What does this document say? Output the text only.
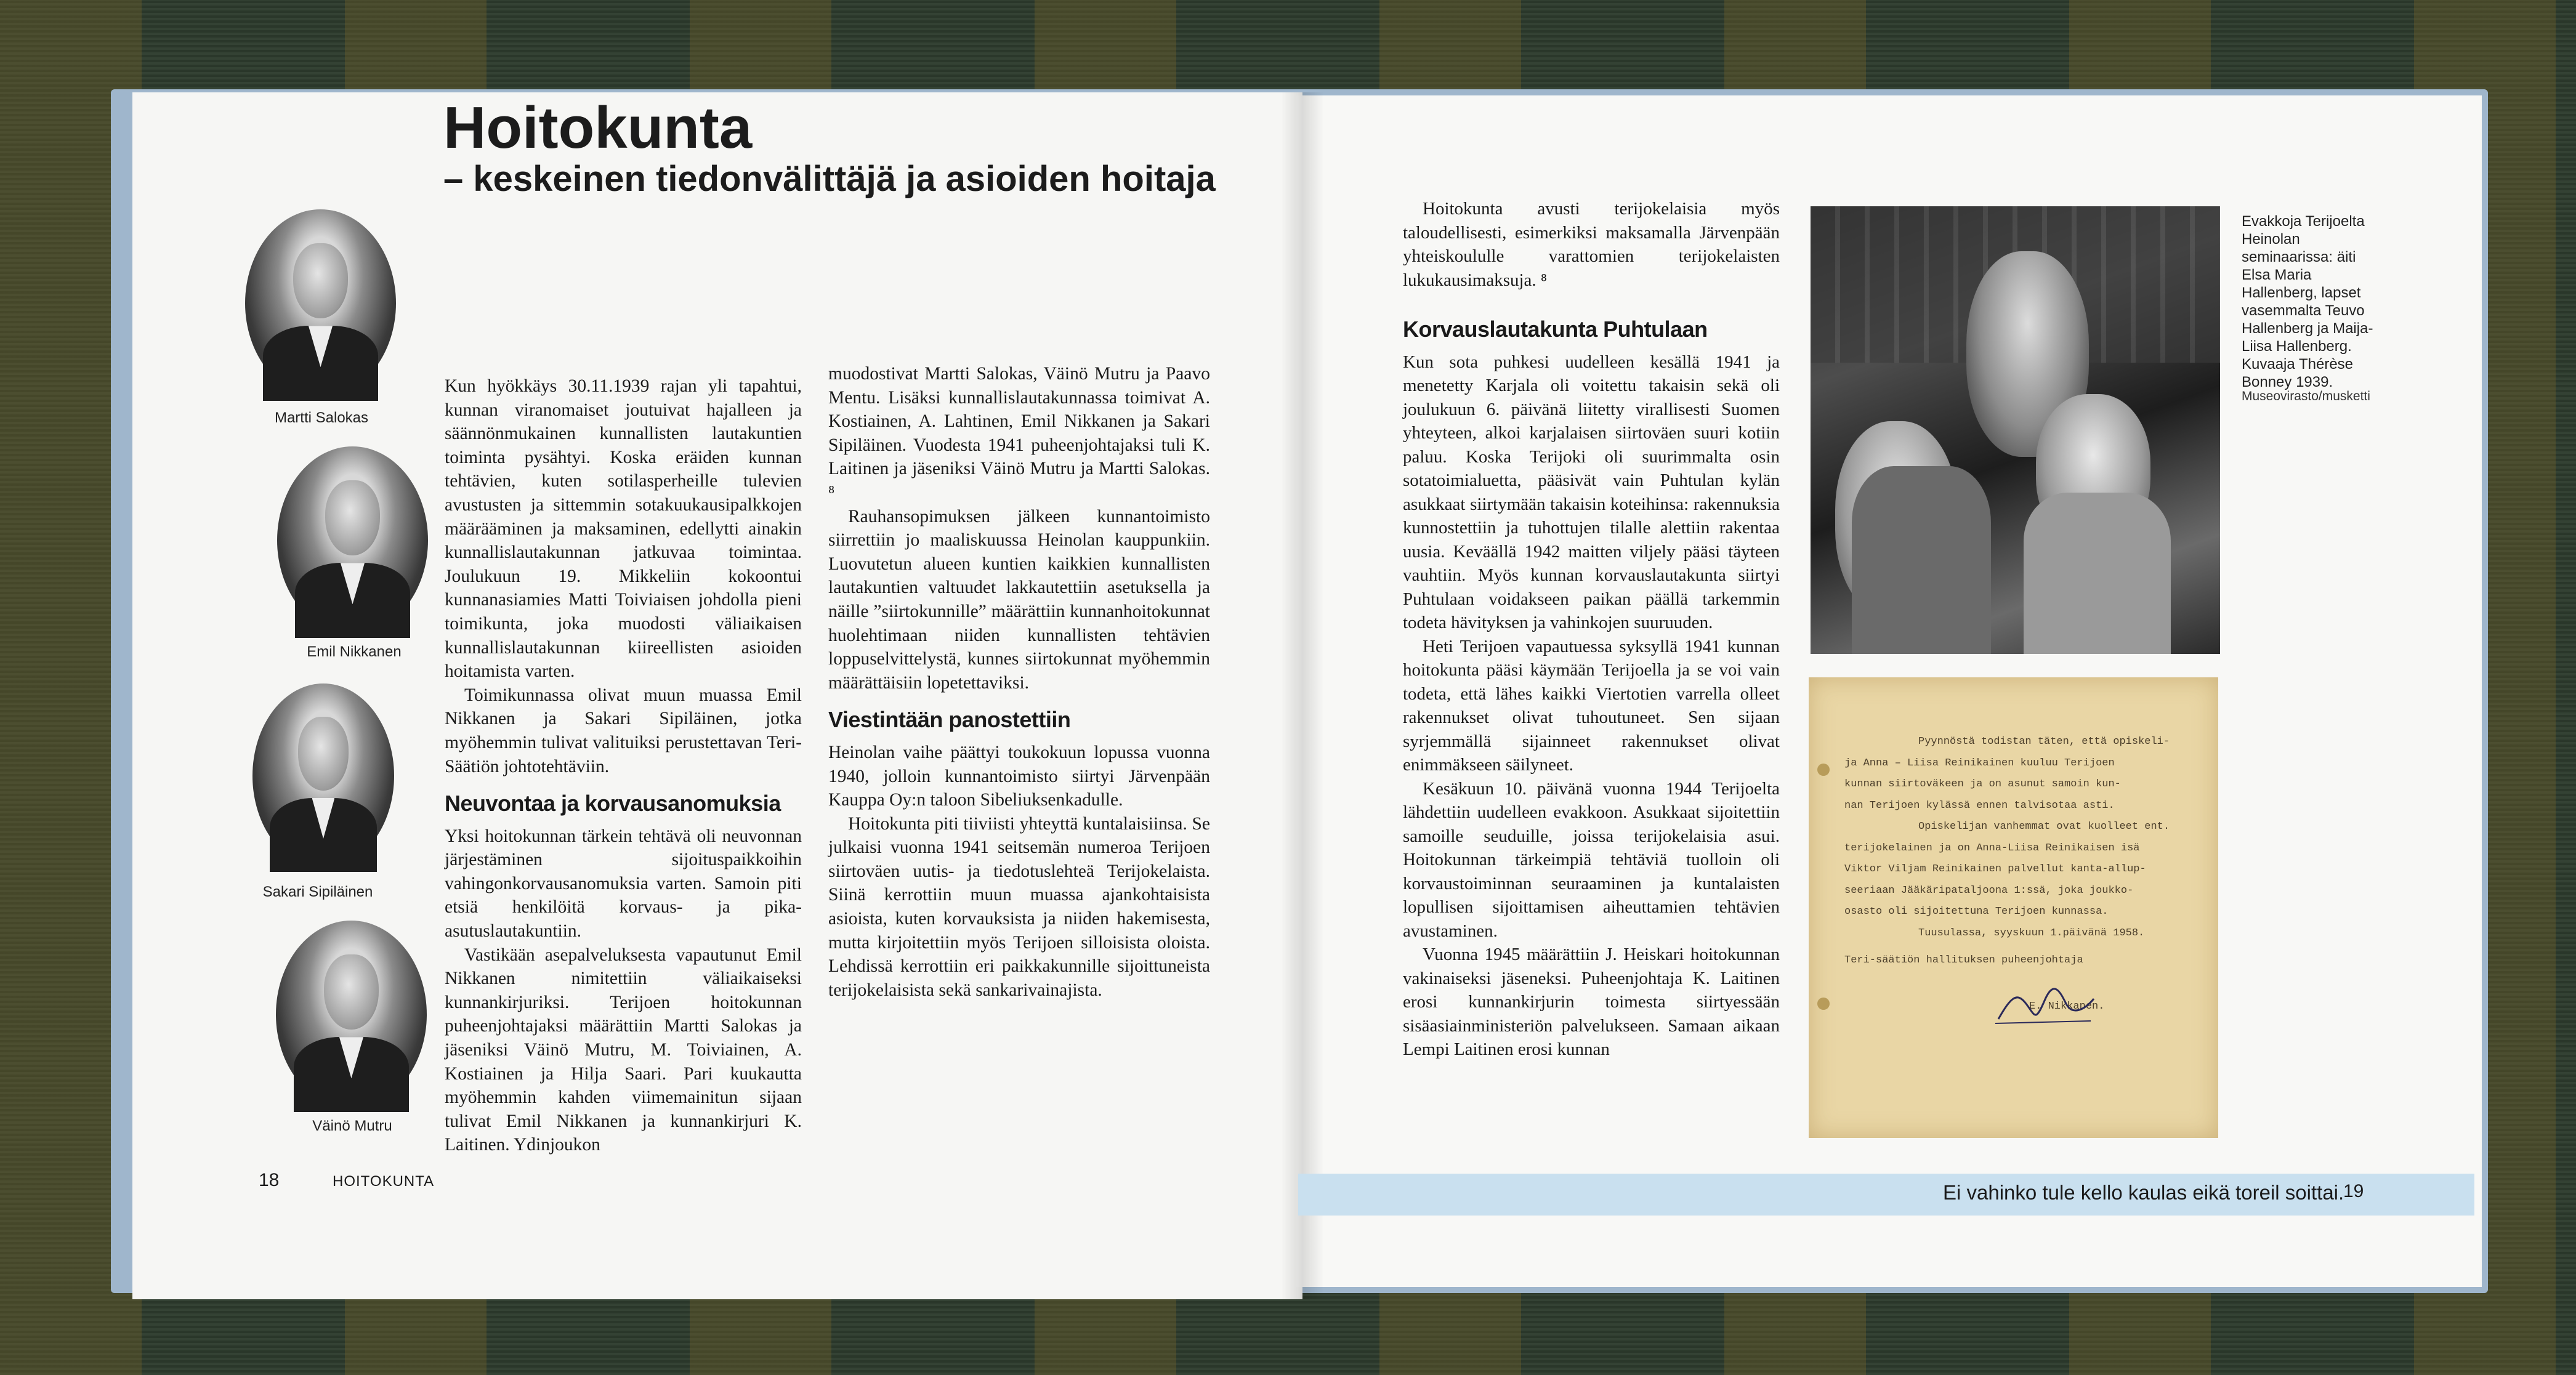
Martti Salokas
Emil Nikkanen
Sakari Sipiläinen
Väinö Mutru
Hoitokunta
– keskeinen tiedonvälittäjä ja asioiden hoitaja

Kun hyökkäys 30.11.1939 rajan yli tapahtui, kunnan viranomaiset joutuivat hajalleen ja säännönmukainen kunnallisten lautakuntien toiminta pysähtyi. Koska eräiden kunnan tehtävien, kuten sotilasperheille tulevien avustusten ja sittemmin sotakuukausipalkkojen määrääminen ja maksaminen, edellytti ainakin kunnallislautakunnan jatkuvaa toimintaa. Joulukuun 19. Mikkeliin kokoontui kunnanasiamies Matti Toiviaisen johdolla pieni toimikunta, joka muodosti väliaikaisen kunnallislautakunnan kiireellisten asioiden hoitamista varten.

Toimikunnassa olivat muun muassa Emil Nikkanen ja Sakari Sipiläinen, jotka myöhemmin tulivat valituiksi perustettavan Teri-Säätiön johtotehtäviin.

Neuvontaa ja korvausanomuksia

Yksi hoitokunnan tärkein tehtävä oli neuvonnan järjestäminen sijoituspaikkoihin vahingonkorvausanomuksia varten. Samoin piti etsiä henkilöitä korvaus- ja pika-asutuslautakuntiin.

Vastikään asepalveluksesta vapautunut Emil Nikkanen nimitettiin väliaikaiseksi kunnankirjuriksi. Terijoen hoitokunnan puheenjohtajaksi määrättiin Martti Salokas ja jäseniksi Väinö Mutru, M. Toiviainen, A. Kostiainen ja Hilja Saari. Pari kuukautta myöhemmin kahden viimemainitun sijaan tulivat Emil Nikkanen ja kunnankirjuri K. Laitinen. Ydinjoukon

muodostivat Martti Salokas, Väinö Mutru ja Paavo Mentu. Lisäksi kunnallislautakunnassa toimivat A. Kostiainen, A. Lahtinen, Emil Nikkanen ja Sakari Sipiläinen. Vuodesta 1941 puheenjohtajaksi tuli K. Laitinen ja jäseniksi Väinö Mutru ja Martti Salokas. ⁸

Rauhansopimuksen jälkeen kunnantoimisto siirrettiin jo maaliskuussa Heinolan kauppunkiin. Luovutetun alueen kuntien kaikkien kunnallisten lautakuntien valtuudet lakkautettiin asetuksella ja näille ”siirtokunnille” määrättiin kunnanhoitokunnat huolehtimaan niiden kunnallisten tehtävien loppuselvittelystä, kunnes siirtokunnat myöhemmin määrättäisiin lopetettaviksi.

Viestintään panostettiin

Heinolan vaihe päättyi toukokuun lopussa vuonna 1940, jolloin kunnantoimisto siirtyi Järvenpään Kauppa Oy:n taloon Sibeliuksenkadulle.

Hoitokunta piti tiiviisti yhteyttä kuntalaisiinsa. Se julkaisi vuonna 1941 seitsemän numeroa Terijoen siirtoväen uutis- ja tiedotuslehteä Terijokelaista. Siinä kerrottiin muun muassa ajankohtaisista asioista, kuten korvauksista ja niiden hakemisesta, mutta kirjoitettiin myös Terijoen silloisista oloista. Lehdissä kerrottiin eri paikkakunnille sijoittuneista terijokelaisista sekä sankarivainajista.

18	HOITOKUNTA

Hoitokunta avusti terijokelaisia myös taloudellisesti, esimerkiksi maksamalla Järvenpään yhteiskoululle varattomien terijokelaisten lukukausimaksuja. ⁸

Korvauslautakunta Puhtulaan

Kun sota puhkesi uudelleen kesällä 1941 ja menetetty Karjala oli voitettu takaisin sekä oli joulukuun 6. päivänä liitetty virallisesti Suomen yhteyteen, alkoi karjalaisen siirtoväen suuri kotiin paluu. Koska Terijoki oli suurimmalta osin sotatoimialuetta, pääsivät vain Puhtulan kylän asukkaat siirtymään takaisin koteihinsa: rakennuksia kunnostettiin ja tuhottujen tilalle alettiin rakentaa uusia. Keväällä 1942 maitten viljely pääsi täyteen vauhtiin. Myös kunnan korvauslautakunta siirtyi Puhtulaan voidakseen paikan päällä tarkemmin todeta hävityksen ja vahinkojen suuruuden.

Heti Terijoen vapautuessa syksyllä 1941 kunnan hoitokunta pääsi käymään Terijoella ja se voi vain todeta, että lähes kaikki Viertotien varrella olleet rakennukset olivat tuhoutuneet. Sen sijaan syrjemmällä sijainneet rakennukset olivat enimmäkseen säilyneet.

Kesäkuun 10. päivänä vuonna 1944 Terijoelta lähdettiin uudelleen evakkoon. Asukkaat sijoitettiin samoille seuduille, joissa terijokelaisia asui. Hoitokunnan tärkeimpiä tehtäviä tuolloin oli korvaustoiminnan seuraaminen ja kuntalaisten lopullisen sijoittamisen aiheuttamien tehtävien avustaminen.

Vuonna 1945 määrättiin J. Heiskari hoitokunnan vakinaiseksi jäseneksi. Puheenjohtaja K. Laitinen erosi kunnankirjurin toimesta siirtyessään sisäasiainministeriön palvelukseen. Samaan aikaan Lempi Laitinen erosi kunnan

Evakkoja Terijoelta Heinolan seminaarissa: äiti Elsa Maria Hallenberg, lapset vasemmalta Teuvo Hallenberg ja Maija-Liisa Hallenberg. Kuvaaja Thérèse Bonney 1939.
Museovirasto/musketti
Pyynnöstä todistan täten, että opiskeli-
ja Anna – Liisa Reinikainen kuuluu Terijoen
kunnan siirtoväkeen ja on asunut samoin kun-
nan Terijoen kylässä ennen talvisotaa asti.
Opiskelijan vanhemmat ovat kuolleet ent.
terijokelainen ja on Anna-Liisa Reinikaisen isä
Viktor Viljam Reinikainen palvellut kanta-allup-
seeriaan Jääkäripataljoona 1:ssä, joka joukko-
osasto oli sijoitettuna Terijoen kunnassa.
Tuusulassa, syyskuun 1.päivänä 1958.
Teri-säätiön hallituksen puheenjohtaja
E. Nikkanen.
Ei vahinko tule kello kaulas eikä toreil soittai.
19
